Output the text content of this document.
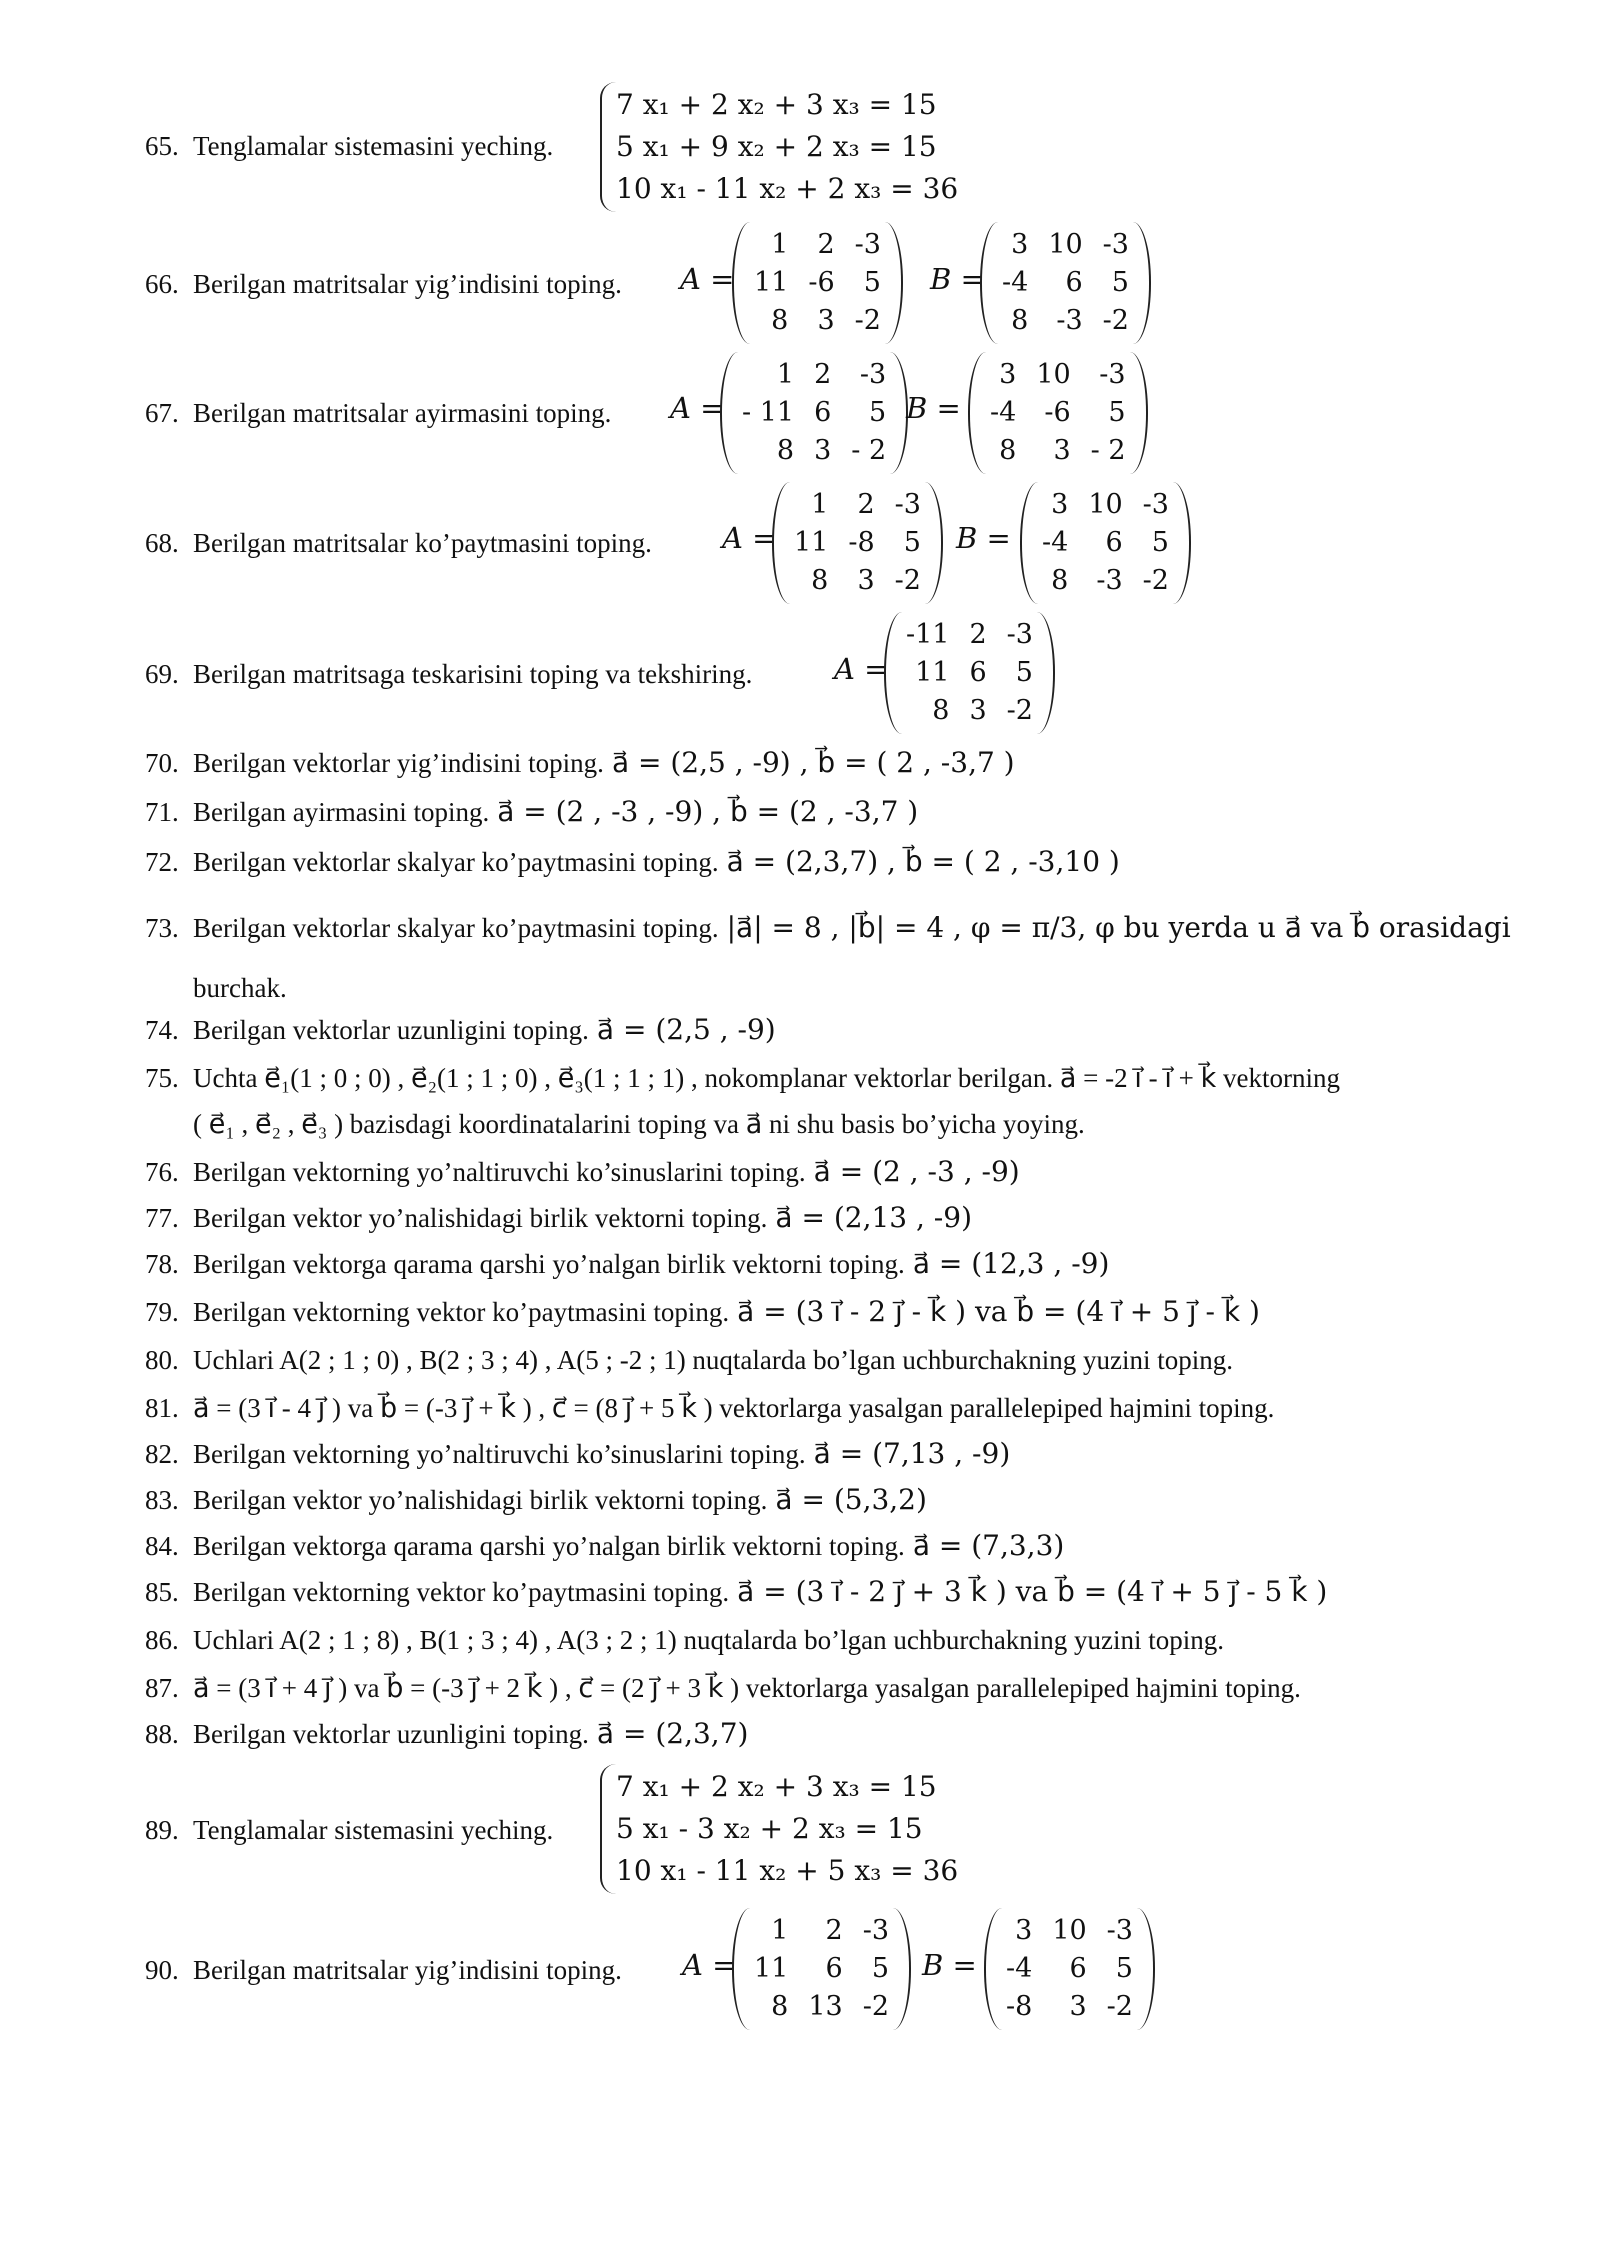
65. Tenglamalar sistemasini yeching.
7 x₁ + 2 x₂ + 3 x₃ = 15
5 x₁ + 9 x₂ + 2 x₃ = 15
10 x₁ - 11 x₂ + 2 x₃ = 36
66. Berilgan matritsalar yig’indisini toping. A =
1	2	-3
11	-6	5
8	3	-2
B =
3	10	-3
-4	6	5
8	-3	-2
67. Berilgan matritsalar ayirmasini toping. A =
1	2	-3
- 11	6	5
8	3	- 2
B =
3	10	-3
-4	-6	5
8	3	- 2
68. Berilgan matritsalar ko’paytmasini toping. A =
1	2	-3
11	-8	5
8	3	-2
B =
3	10	-3
-4	6	5
8	-3	-2
69. Berilgan matritsaga teskarisini toping va tekshiring.	A =
-11	2	-3
11	6	5
8	3	-2
70. Berilgan vektorlar yig’indisini toping. a⃗ = (2,5 , -9) , b⃗ = ( 2 , -3,7 )
71. Berilgan ayirmasini toping. a⃗ = (2 , -3 , -9) , b⃗ = (2 , -3,7 )
72. Berilgan vektorlar skalyar ko’paytmasini toping. a⃗ = (2,3,7) , b⃗ = ( 2 , -3,10 )
73. Berilgan vektorlar skalyar ko’paytmasini toping. |a⃗| = 8 , |b⃗| = 4 , φ = π/3, φ bu yerda u a⃗ va b⃗ orasidagi
burchak.
74. Berilgan vektorlar uzunligini toping. a⃗ = (2,5 , -9)
75. Uchta e⃗₁(1 ; 0 ; 0) , e⃗₂(1 ; 1 ; 0) , e⃗₃(1 ; 1 ; 1) , nokomplanar vektorlar berilgan. a⃗ = -2 i⃗ - i⃗ + k⃗ vektorning
( e⃗₁ , e⃗₂ , e⃗₃ ) bazisdagi koordinatalarini toping va a⃗ ni shu basis bo’yicha yoying.
76. Berilgan vektorning yo’naltiruvchi ko’sinuslarini toping. a⃗ = (2 , -3 , -9)
77. Berilgan vektor yo’nalishidagi birlik vektorni toping. a⃗ = (2,13 , -9)
78. Berilgan vektorga qarama qarshi yo’nalgan birlik vektorni toping. a⃗ = (12,3 , -9)
79. Berilgan vektorning vektor ko’paytmasini toping. a⃗ = (3 i⃗ - 2 j⃗ - k⃗ ) va b⃗ = (4 i⃗ + 5 j⃗ - k⃗ )
80. Uchlari A(2 ; 1 ; 0) , B(2 ; 3 ; 4) , A(5 ; -2 ; 1) nuqtalarda bo’lgan uchburchakning yuzini toping.
81. a⃗ = (3 i⃗ - 4 j⃗ ) va b⃗ = (-3 j⃗ + k⃗ ) , c⃗ = (8 j⃗ + 5 k⃗ ) vektorlarga yasalgan parallelepiped hajmini toping.
82. Berilgan vektorning yo’naltiruvchi ko’sinuslarini toping. a⃗ = (7,13 , -9)
83. Berilgan vektor yo’nalishidagi birlik vektorni toping. a⃗ = (5,3,2)
84. Berilgan vektorga qarama qarshi yo’nalgan birlik vektorni toping. a⃗ = (7,3,3)
85. Berilgan vektorning vektor ko’paytmasini toping. a⃗ = (3 i⃗ - 2 j⃗ + 3 k⃗ ) va b⃗ = (4 i⃗ + 5 j⃗ - 5 k⃗ )
86. Uchlari A(2 ; 1 ; 8) , B(1 ; 3 ; 4) , A(3 ; 2 ; 1) nuqtalarda bo’lgan uchburchakning yuzini toping.
87. a⃗ = (3 i⃗ + 4 j⃗ ) va b⃗ = (-3 j⃗ + 2 k⃗ ) , c⃗ = (2 j⃗ + 3 k⃗ ) vektorlarga yasalgan parallelepiped hajmini toping.
88. Berilgan vektorlar uzunligini toping. a⃗ = (2,3,7)
89. Tenglamalar sistemasini yeching.
7 x₁ + 2 x₂ + 3 x₃ = 15
5 x₁ - 3 x₂ + 2 x₃ = 15
10 x₁ - 11 x₂ + 5 x₃ = 36
90. Berilgan matritsalar yig’indisini toping. A =
1	2	-3
11	6	5
8	13	-2
B =
3	10	-3
-4	6	5
-8	3	-2
